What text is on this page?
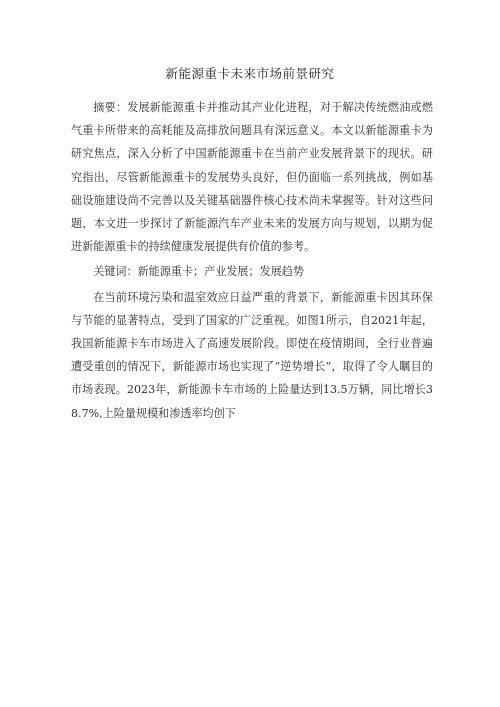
新能源重卡未来市场前景研究

摘要：发展新能源重卡并推动其产业化进程，对于解决传统燃油或燃气重卡所带来的高耗能及高排放问题具有深远意义。本文以新能源重卡为研究焦点，深入分析了中国新能源重卡在当前产业发展背景下的现状。研究指出，尽管新能源重卡的发展势头良好，但仍面临一系列挑战，例如基础设施建设尚不完善以及关键基础器件核心技术尚未掌握等。针对这些问题，本文进一步探讨了新能源汽车产业未来的发展方向与规划，以期为促进新能源重卡的持续健康发展提供有价值的参考。

关键词：新能源重卡；产业发展；发展趋势

在当前环境污染和温室效应日益严重的背景下，新能源重卡因其环保与节能的显著特点，受到了国家的广泛重视。如图1所示，自2021年起，我国新能源卡车市场进入了高速发展阶段。即使在疫情期间，全行业普遍遭受重创的情况下，新能源市场也实现了“逆势增长”，取得了令人瞩目的市场表现。2023年，新能源卡车市场的上险量达到13.5万辆，同比增长38.7%,上险量规模和渗透率均创下
